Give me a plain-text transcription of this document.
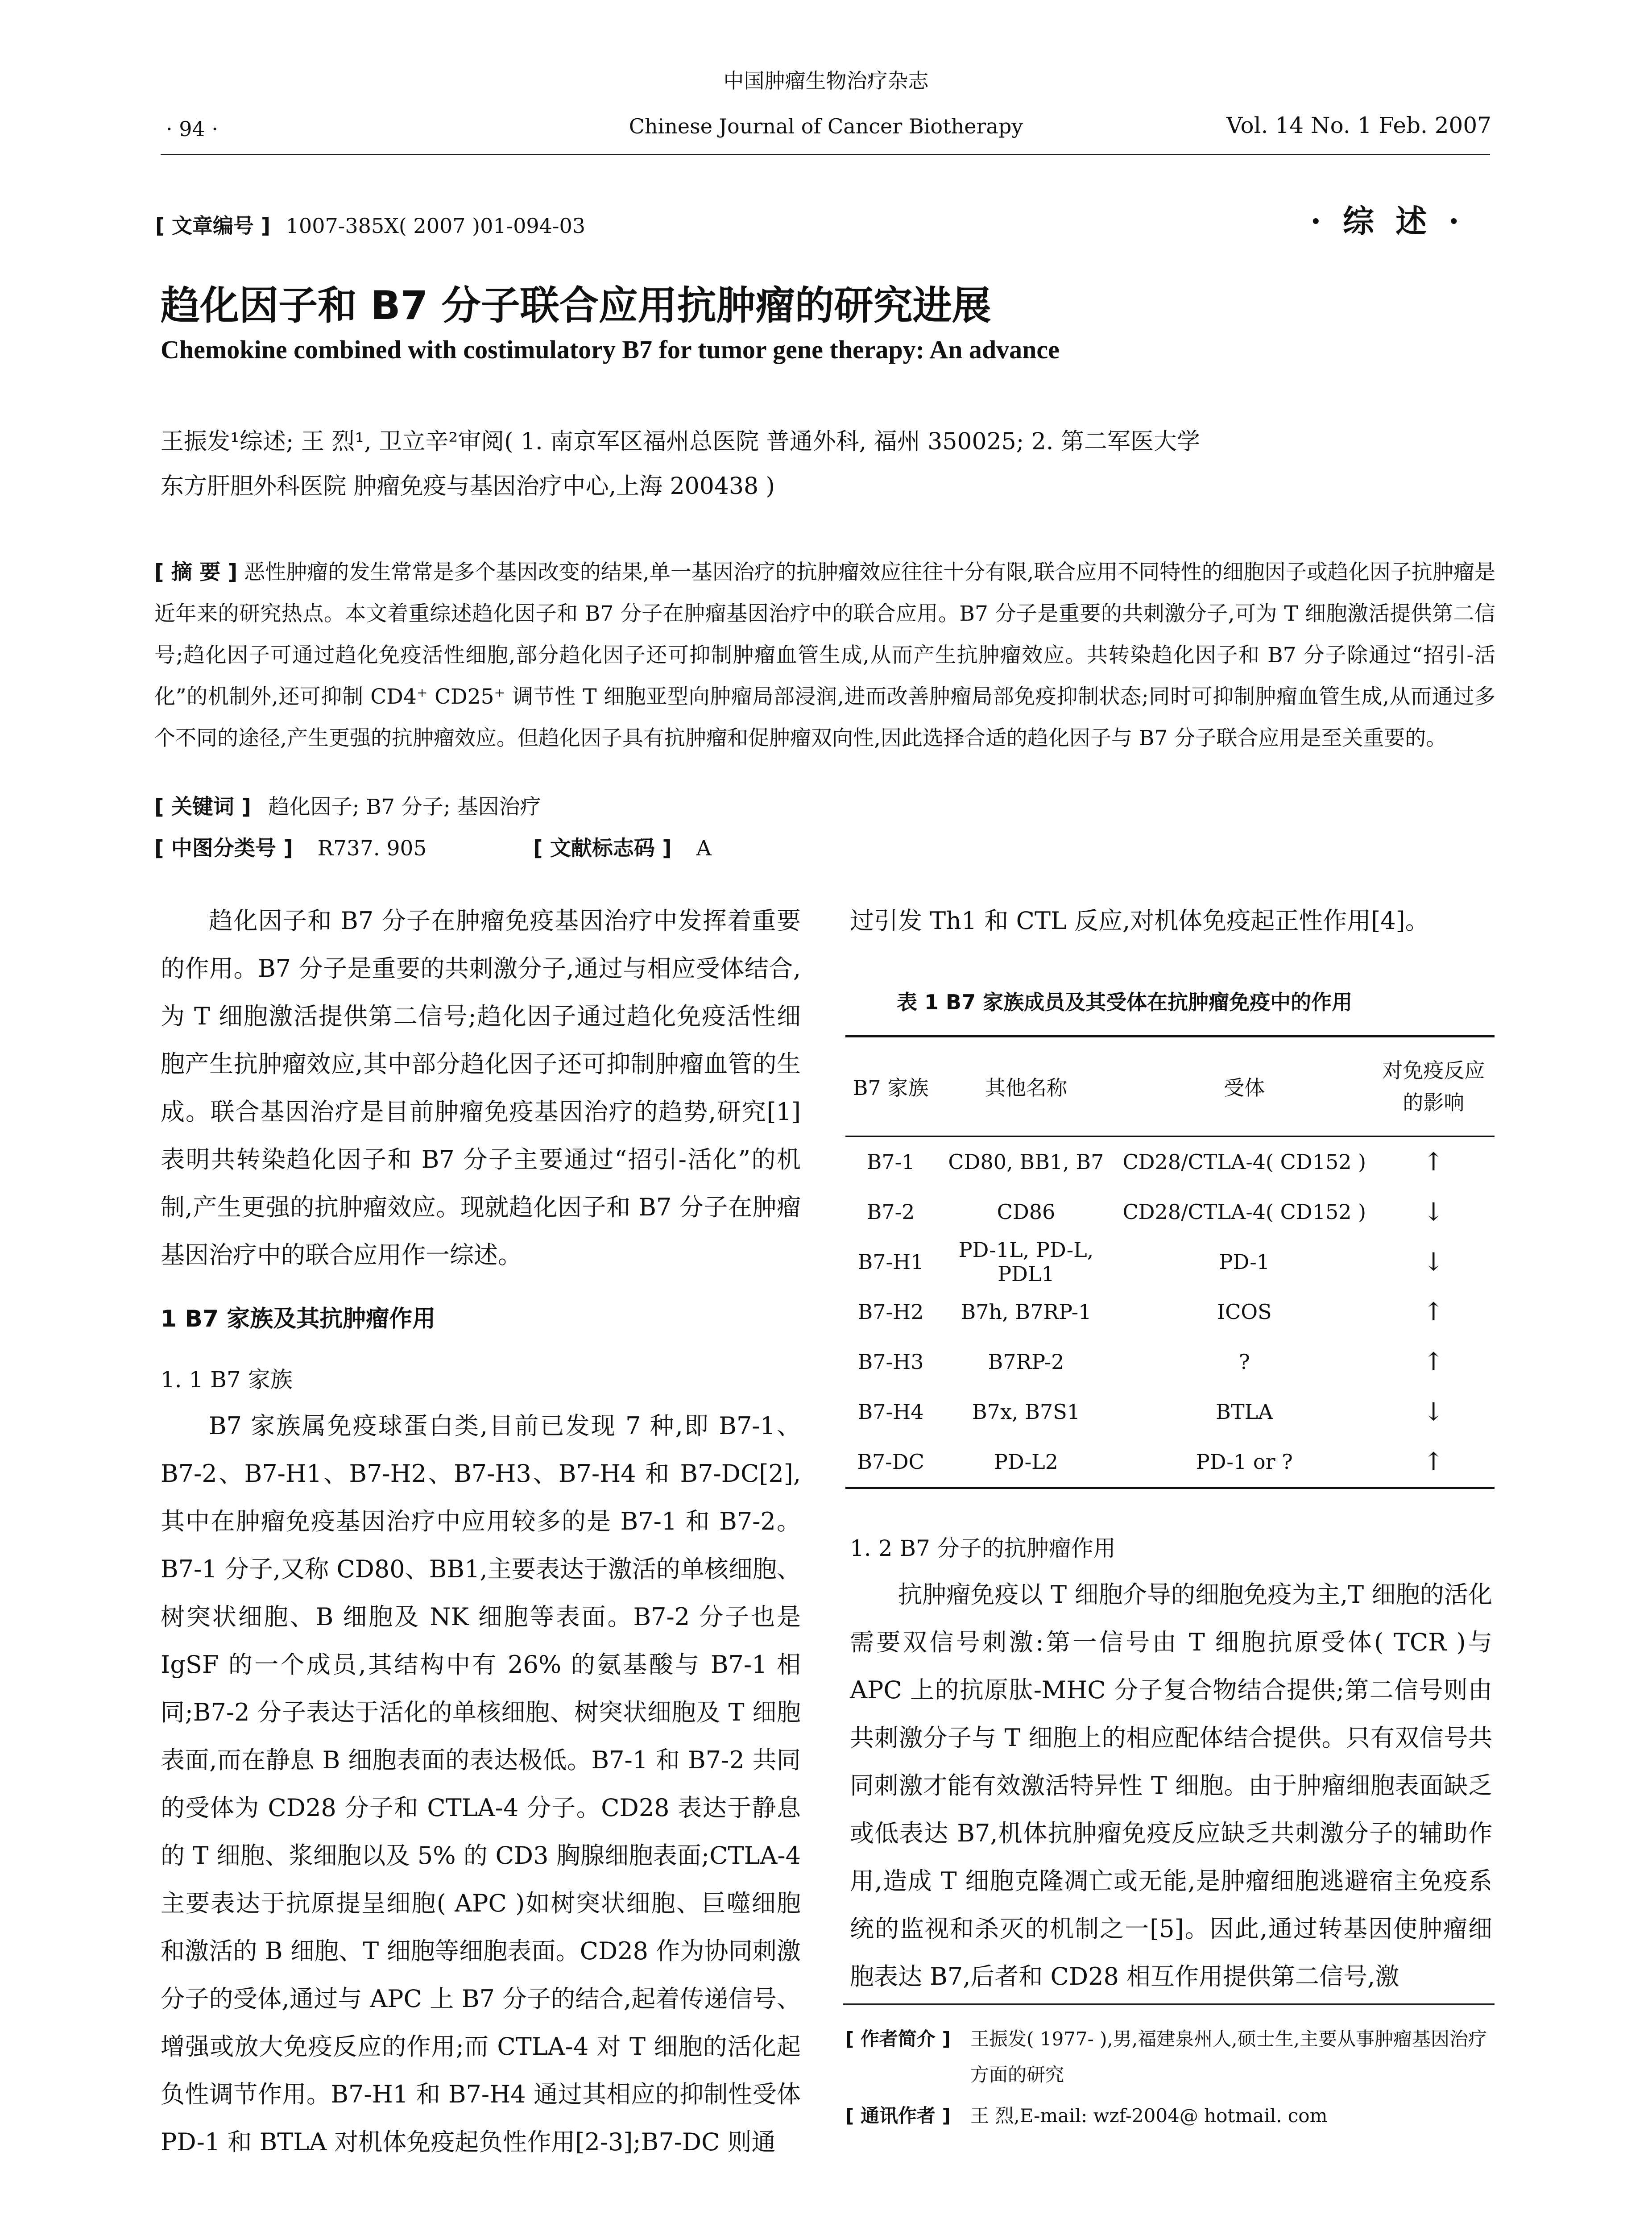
中国肿瘤生物治疗杂志
· 94 ·	Chinese Journal of Cancer Biotherapy	Vol. 14 No. 1 Feb. 2007
[ 文章编号 ] 1007-385X( 2007 )01-094-03	· 综 述 ·
趋化因子和 B7 分子联合应用抗肿瘤的研究进展
Chemokine combined with costimulatory B7 for tumor gene therapy: An advance
王振发¹综述; 王 烈¹, 卫立辛²审阅( 1. 南京军区福州总医院 普通外科, 福州 350025; 2. 第二军医大学
东方肝胆外科医院 肿瘤免疫与基因治疗中心,上海 200438 )
[ 摘 要 ] 恶性肿瘤的发生常常是多个基因改变的结果,单一基因治疗的抗肿瘤效应往往十分有限,联合应用不同特性的细胞因子或趋化因子抗肿瘤是近年来的研究热点。本文着重综述趋化因子和 B7 分子在肿瘤基因治疗中的联合应用。B7 分子是重要的共刺激分子,可为 T 细胞激活提供第二信号;趋化因子可通过趋化免疫活性细胞,部分趋化因子还可抑制肿瘤血管生成,从而产生抗肿瘤效应。共转染趋化因子和 B7 分子除通过“招引-活化”的机制外,还可抑制 CD4⁺ CD25⁺ 调节性 T 细胞亚型向肿瘤局部浸润,进而改善肿瘤局部免疫抑制状态;同时可抑制肿瘤血管生成,从而通过多个不同的途径,产生更强的抗肿瘤效应。但趋化因子具有抗肿瘤和促肿瘤双向性,因此选择合适的趋化因子与 B7 分子联合应用是至关重要的。
[ 关键词 ] 趋化因子; B7 分子; 基因治疗
[ 中图分类号 ] R737. 905	[ 文献标志码 ] A

趋化因子和 B7 分子在肿瘤免疫基因治疗中发挥着重要的作用。B7 分子是重要的共刺激分子,通过与相应受体结合,为 T 细胞激活提供第二信号;趋化因子通过趋化免疫活性细胞产生抗肿瘤效应,其中部分趋化因子还可抑制肿瘤血管的生成。联合基因治疗是目前肿瘤免疫基因治疗的趋势,研究[1]表明共转染趋化因子和 B7 分子主要通过“招引-活化”的机制,产生更强的抗肿瘤效应。现就趋化因子和 B7 分子在肿瘤基因治疗中的联合应用作一综述。

1 B7 家族及其抗肿瘤作用
1. 1 B7 家族

B7 家族属免疫球蛋白类,目前已发现 7 种,即 B7-1、B7-2、B7-H1、B7-H2、B7-H3、B7-H4 和 B7-DC[2],其中在肿瘤免疫基因治疗中应用较多的是 B7-1 和 B7-2。B7-1 分子,又称 CD80、BB1,主要表达于激活的单核细胞、树突状细胞、B 细胞及 NK 细胞等表面。B7-2 分子也是 IgSF 的一个成员,其结构中有 26% 的氨基酸与 B7-1 相同;B7-2 分子表达于活化的单核细胞、树突状细胞及 T 细胞表面,而在静息 B 细胞表面的表达极低。B7-1 和 B7-2 共同的受体为 CD28 分子和 CTLA-4 分子。CD28 表达于静息的 T 细胞、浆细胞以及 5% 的 CD3 胸腺细胞表面;CTLA-4 主要表达于抗原提呈细胞( APC )如树突状细胞、巨噬细胞和激活的 B 细胞、T 细胞等细胞表面。CD28 作为协同刺激分子的受体,通过与 APC 上 B7 分子的结合,起着传递信号、增强或放大免疫反应的作用;而 CTLA-4 对 T 细胞的活化起负性调节作用。B7-H1 和 B7-H4 通过其相应的抑制性受体 PD-1 和 BTLA 对机体免疫起负性作用[2-3];B7-DC 则通

过引发 Th1 和 CTL 反应,对机体免疫起正性作用[4]。
表 1 B7 家族成员及其受体在抗肿瘤免疫中的作用
B7 家族	其他名称	受体	对免疫反应的影响
B7-1	CD80, BB1, B7	CD28/CTLA-4( CD152 )	↑
B7-2	CD86	CD28/CTLA-4( CD152 )	↓
B7-H1	PD-1L, PD-L, PDL1	PD-1	↓
B7-H2	B7h, B7RP-1	ICOS	↑
B7-H3	B7RP-2	?	↑
B7-H4	B7x, B7S1	BTLA	↓
B7-DC	PD-L2	PD-1 or ?	↑
1. 2 B7 分子的抗肿瘤作用

抗肿瘤免疫以 T 细胞介导的细胞免疫为主,T 细胞的活化需要双信号刺激:第一信号由 T 细胞抗原受体( TCR )与 APC 上的抗原肽-MHC 分子复合物结合提供;第二信号则由共刺激分子与 T 细胞上的相应配体结合提供。只有双信号共同刺激才能有效激活特异性 T 细胞。由于肿瘤细胞表面缺乏或低表达 B7,机体抗肿瘤免疫反应缺乏共刺激分子的辅助作用,造成 T 细胞克隆凋亡或无能,是肿瘤细胞逃避宿主免疫系统的监视和杀灭的机制之一[5]。因此,通过转基因使肿瘤细胞表达 B7,后者和 CD28 相互作用提供第二信号,激

[ 作者简介 ]	王振发( 1977- ),男,福建泉州人,硕士生,主要从事肿瘤基因治疗方面的研究
[ 通讯作者 ]	王 烈,E-mail: wzf-2004@ hotmail. com
